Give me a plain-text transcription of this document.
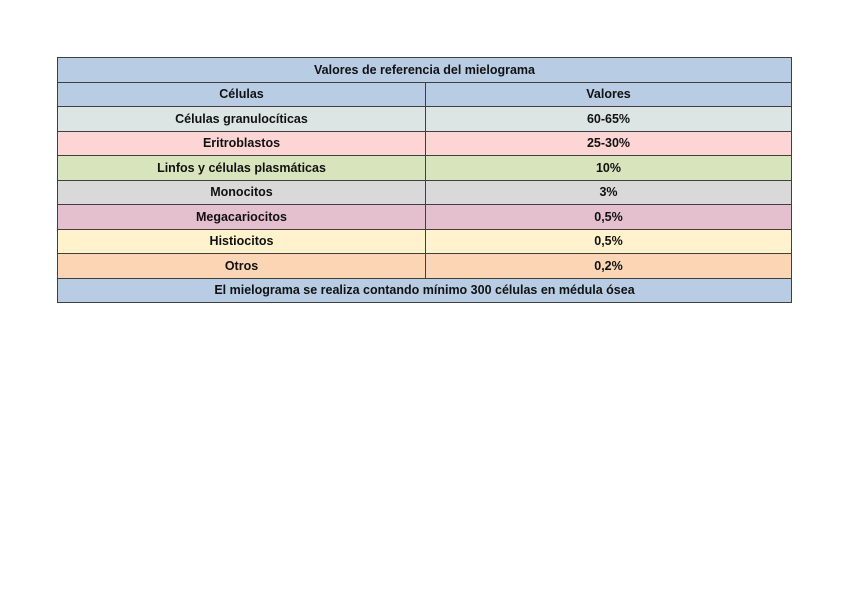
Valores de referencia del mielograma	
Células	Valores
Células granulocíticas	60-65%
Eritroblastos	25-30%
Linfos y células plasmáticas	10%
Monocitos	3%
Megacariocitos	0,5%
Histiocitos	0,5%
Otros	0,2%
El mielograma se realiza contando mínimo 300 células en médula ósea	
